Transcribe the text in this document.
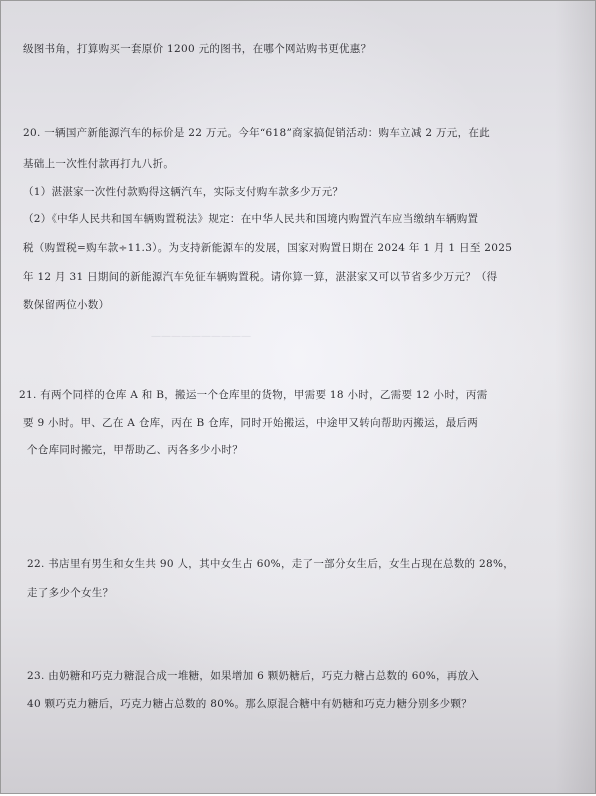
级图书角，打算购买一套原价 1200 元的图书，在哪个网站购书更优惠？

20. 一辆国产新能源汽车的标价是 22 万元。今年“618”商家搞促销活动：购车立减 2 万元，在此

基础上一次性付款再打九八折。

（1）湛湛家一次性付款购得这辆汽车，实际支付购车款多少万元？

（2）《中华人民共和国车辆购置税法》规定：在中华人民共和国境内购置汽车应当缴纳车辆购置

税（购置税=购车款÷11.3）。为支持新能源车的发展，国家对购置日期在 2024 年 1 月 1 日至 2025

年 12 月 31 日期间的新能源汽车免征车辆购置税。请你算一算，湛湛家又可以节省多少万元？（得

数保留两位小数）

——————————

21. 有两个同样的仓库 A 和 B，搬运一个仓库里的货物，甲需要 18 小时，乙需要 12 小时，丙需

要 9 小时。甲、乙在 A 仓库，丙在 B 仓库，同时开始搬运，中途甲又转向帮助丙搬运，最后两

个仓库同时搬完，甲帮助乙、丙各多少小时？

22. 书店里有男生和女生共 90 人，其中女生占 60%，走了一部分女生后，女生占现在总数的 28%，

走了多少个女生？

23. 由奶糖和巧克力糖混合成一堆糖，如果增加 6 颗奶糖后，巧克力糖占总数的 60%，再放入

40 颗巧克力糖后，巧克力糖占总数的 80%。那么原混合糖中有奶糖和巧克力糖分别多少颗？
